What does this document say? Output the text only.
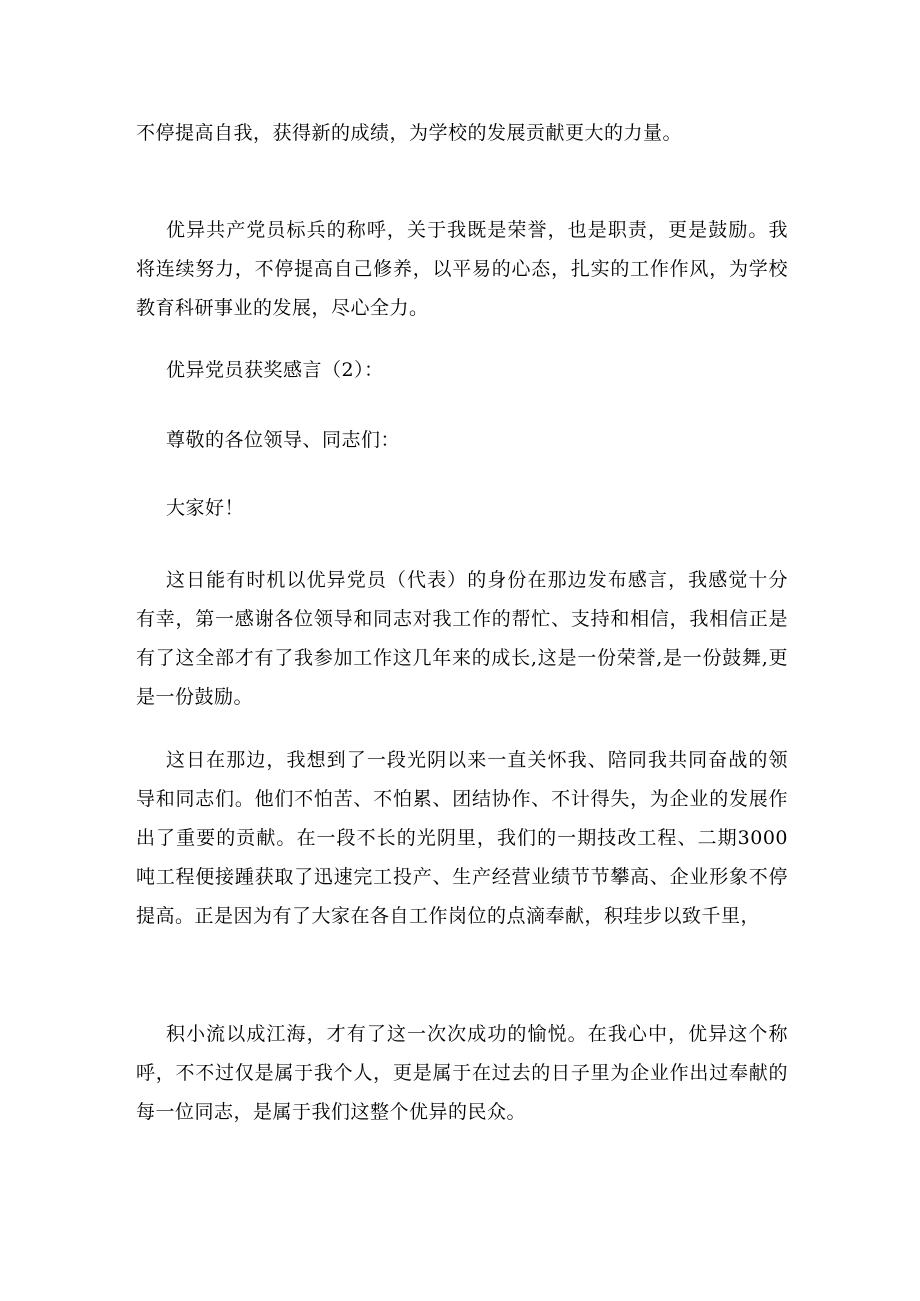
不停提高自我，获得新的成绩，为学校的发展贡献更大的力量。

优异共产党员标兵的称呼，关于我既是荣誉，也是职责，更是鼓励。我将连续努力，不停提高自己修养，以平易的心态，扎实的工作作风，为学校教育科研事业的发展，尽心全力。

优异党员获奖感言（2）：

尊敬的各位领导、同志们：

大家好！

这日能有时机以优异党员（代表）的身份在那边发布感言，我感觉十分有幸，第一感谢各位领导和同志对我工作的帮忙、支持和相信，我相信正是有了这全部才有了我参加工作这几年来的成长,这是一份荣誉,是一份鼓舞,更是一份鼓励。

这日在那边，我想到了一段光阴以来一直关怀我、陪同我共同奋战的领导和同志们。他们不怕苦、不怕累、团结协作、不计得失，为企业的发展作出了重要的贡献。在一段不长的光阴里，我们的一期技改工程、二期3000吨工程便接踵获取了迅速完工投产、生产经营业绩节节攀高、企业形象不停提高。正是因为有了大家在各自工作岗位的点滴奉献，积珪步以致千里，

积小流以成江海，才有了这一次次成功的愉悦。在我心中，优异这个称呼，不不过仅是属于我个人，更是属于在过去的日子里为企业作出过奉献的每一位同志，是属于我们这整个优异的民众。
